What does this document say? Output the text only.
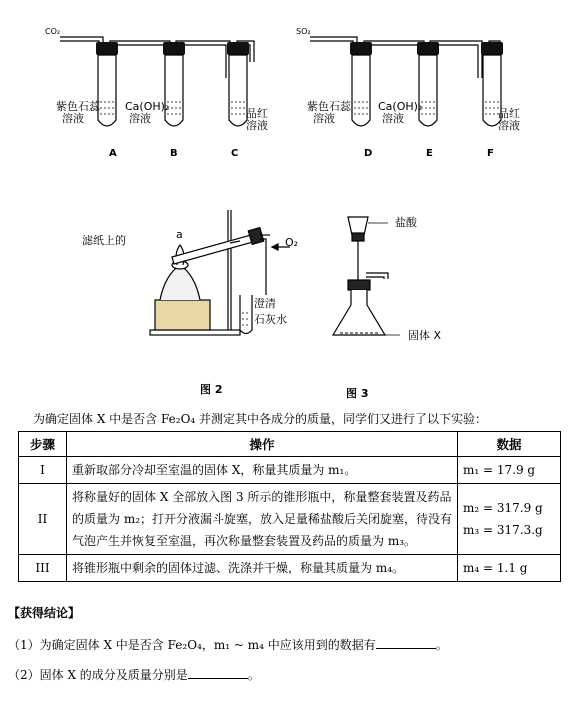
CO₂	SO₂
紫色石蕊
溶液
Ca(OH)₂
溶液	品红
溶液
紫色石蕊
溶液
Ca(OH)₂
溶液	品红
溶液
A	B	C	D	E	F
滤纸上的	a
O₂
澄清
石灰水
图 2
盐酸
固体 X
图 3
为确定固体 X 中是否含 Fe₂O₄ 并测定其中各成分的质量，同学们又进行了以下实验：
步骤	操作	数据
I	重新取部分冷却至室温的固体 X，称量其质量为 m₁。	m₁ = 17.9 g
II	将称量好的固体 X 全部放入图 3 所示的锥形瓶中，称量整套装置及药品的质量为 m₂；打开分液漏斗旋塞，放入足量稀盐酸后关闭旋塞，待没有气泡产生并恢复至室温，再次称量整套装置及药品的质量为 m₃。	m₂ = 317.9 g
m₃ = 317.3.g

III	将锥形瓶中剩余的固体过滤、洗涤并干燥，称量其质量为 m₄。	m₄ = 1.1 g
【获得结论】
（1）为确定固体 X 中是否含 Fe₂O₄，m₁ ~ m₄ 中应该用到的数据有	。
（2）固体 X 的成分及质量分别是	。
